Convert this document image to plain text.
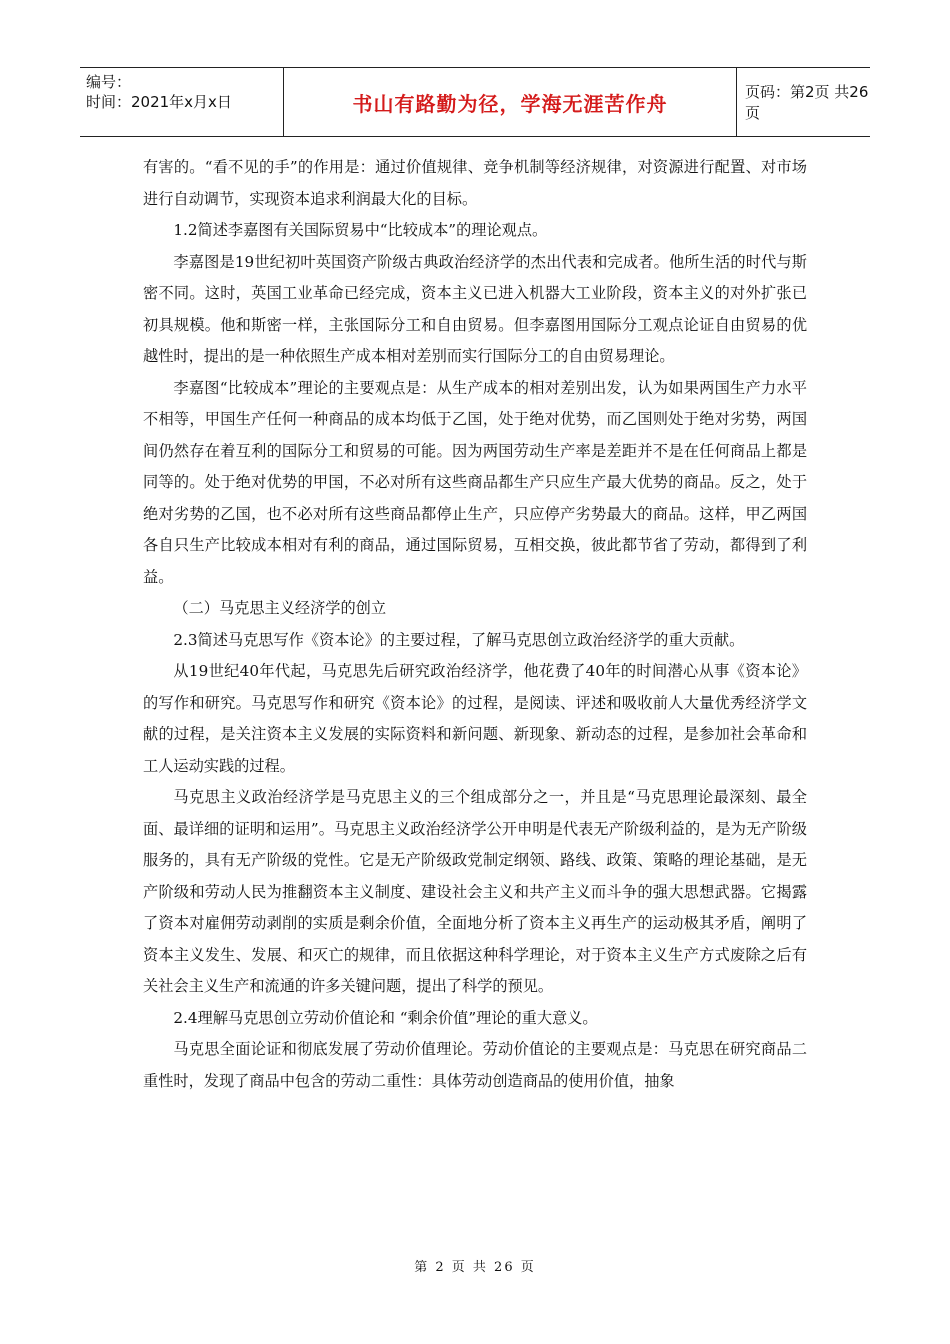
编号：
时间：2021年x月x日	书山有路勤为径，学海无涯苦作舟	页码：第2页 共26页

有害的。“看不见的手”的作用是：通过价值规律、竞争机制等经济规律，对资源进行配置、对市场进行自动调节，实现资本追求利润最大化的目标。

1.2简述李嘉图有关国际贸易中“比较成本”的理论观点。

李嘉图是19世纪初叶英国资产阶级古典政治经济学的杰出代表和完成者。他所生活的时代与斯密不同。这时，英国工业革命已经完成，资本主义已进入机器大工业阶段，资本主义的对外扩张已初具规模。他和斯密一样，主张国际分工和自由贸易。但李嘉图用国际分工观点论证自由贸易的优越性时，提出的是一种依照生产成本相对差别而实行国际分工的自由贸易理论。

李嘉图“比较成本”理论的主要观点是：从生产成本的相对差别出发，认为如果两国生产力水平不相等，甲国生产任何一种商品的成本均低于乙国，处于绝对优势，而乙国则处于绝对劣势，两国间仍然存在着互利的国际分工和贸易的可能。因为两国劳动生产率是差距并不是在任何商品上都是同等的。处于绝对优势的甲国，不必对所有这些商品都生产只应生产最大优势的商品。反之，处于绝对劣势的乙国，也不必对所有这些商品都停止生产，只应停产劣势最大的商品。这样，甲乙两国各自只生产比较成本相对有利的商品，通过国际贸易，互相交换，彼此都节省了劳动，都得到了利益。

（二）马克思主义经济学的创立

2.3简述马克思写作《资本论》的主要过程，了解马克思创立政治经济学的重大贡献。

从19世纪40年代起，马克思先后研究政治经济学，他花费了40年的时间潜心从事《资本论》的写作和研究。马克思写作和研究《资本论》的过程，是阅读、评述和吸收前人大量优秀经济学文献的过程，是关注资本主义发展的实际资料和新问题、新现象、新动态的过程，是参加社会革命和工人运动实践的过程。

马克思主义政治经济学是马克思主义的三个组成部分之一，并且是“马克思理论最深刻、最全面、最详细的证明和运用”。马克思主义政治经济学公开申明是代表无产阶级利益的，是为无产阶级服务的，具有无产阶级的党性。它是无产阶级政党制定纲领、路线、政策、策略的理论基础，是无产阶级和劳动人民为推翻资本主义制度、建设社会主义和共产主义而斗争的强大思想武器。它揭露了资本对雇佣劳动剥削的实质是剩余价值，全面地分析了资本主义再生产的运动极其矛盾，阐明了资本主义发生、发展、和灭亡的规律，而且依据这种科学理论，对于资本主义生产方式废除之后有关社会主义生产和流通的许多关键问题，提出了科学的预见。

2.4理解马克思创立劳动价值论和 “剩余价值”理论的重大意义。

马克思全面论证和彻底发展了劳动价值理论。劳动价值论的主要观点是：马克思在研究商品二重性时，发现了商品中包含的劳动二重性：具体劳动创造商品的使用价值，抽象

第 2 页 共 26 页
